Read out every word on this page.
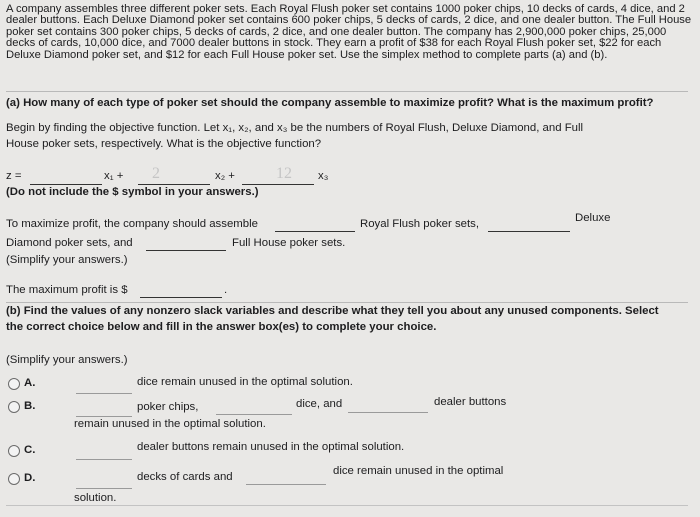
A company assembles three different poker sets. Each Royal Flush poker set contains 1000 poker chips, 10 decks of cards, 4 dice, and 2 dealer buttons. Each Deluxe Diamond poker set contains 600 poker chips, 5 decks of cards, 2 dice, and one dealer button. The Full House poker set contains 300 poker chips, 5 decks of cards, 2 dice, and one dealer button. The company has 2,900,000 poker chips, 25,000 decks of cards, 10,000 dice, and 7000 dealer buttons in stock. They earn a profit of $38 for each Royal Flush poker set, $22 for each Deluxe Diamond poker set, and $12 for each Full House poker set. Use the simplex method to complete parts (a) and (b).
(a) How many of each type of poker set should the company assemble to maximize profit? What is the maximum profit?
Begin by finding the objective function. Let x₁, x₂, and x₃ be the numbers of Royal Flush, Deluxe Diamond, and Full
House poker sets, respectively. What is the objective function?
z =	x₁ + 2	x₂ +	12 x₃
(Do not include the $ symbol in your answers.)
To maximize profit, the company should assemble	Royal Flush poker sets,	Deluxe
Diamond poker sets, and	Full House poker sets.
(Simplify your answers.)
The maximum profit is $	.
(b) Find the values of any nonzero slack variables and describe what they tell you about any unused components. Select
the correct choice below and fill in the answer box(es) to complete your choice.
(Simplify your answers.)
A.	dice remain unused in the optimal solution.
B.	poker chips,	dice, and	dealer buttons
remain unused in the optimal solution.
C.	dealer buttons remain unused in the optimal solution.
D.	decks of cards and	dice remain unused in the optimal
solution.
